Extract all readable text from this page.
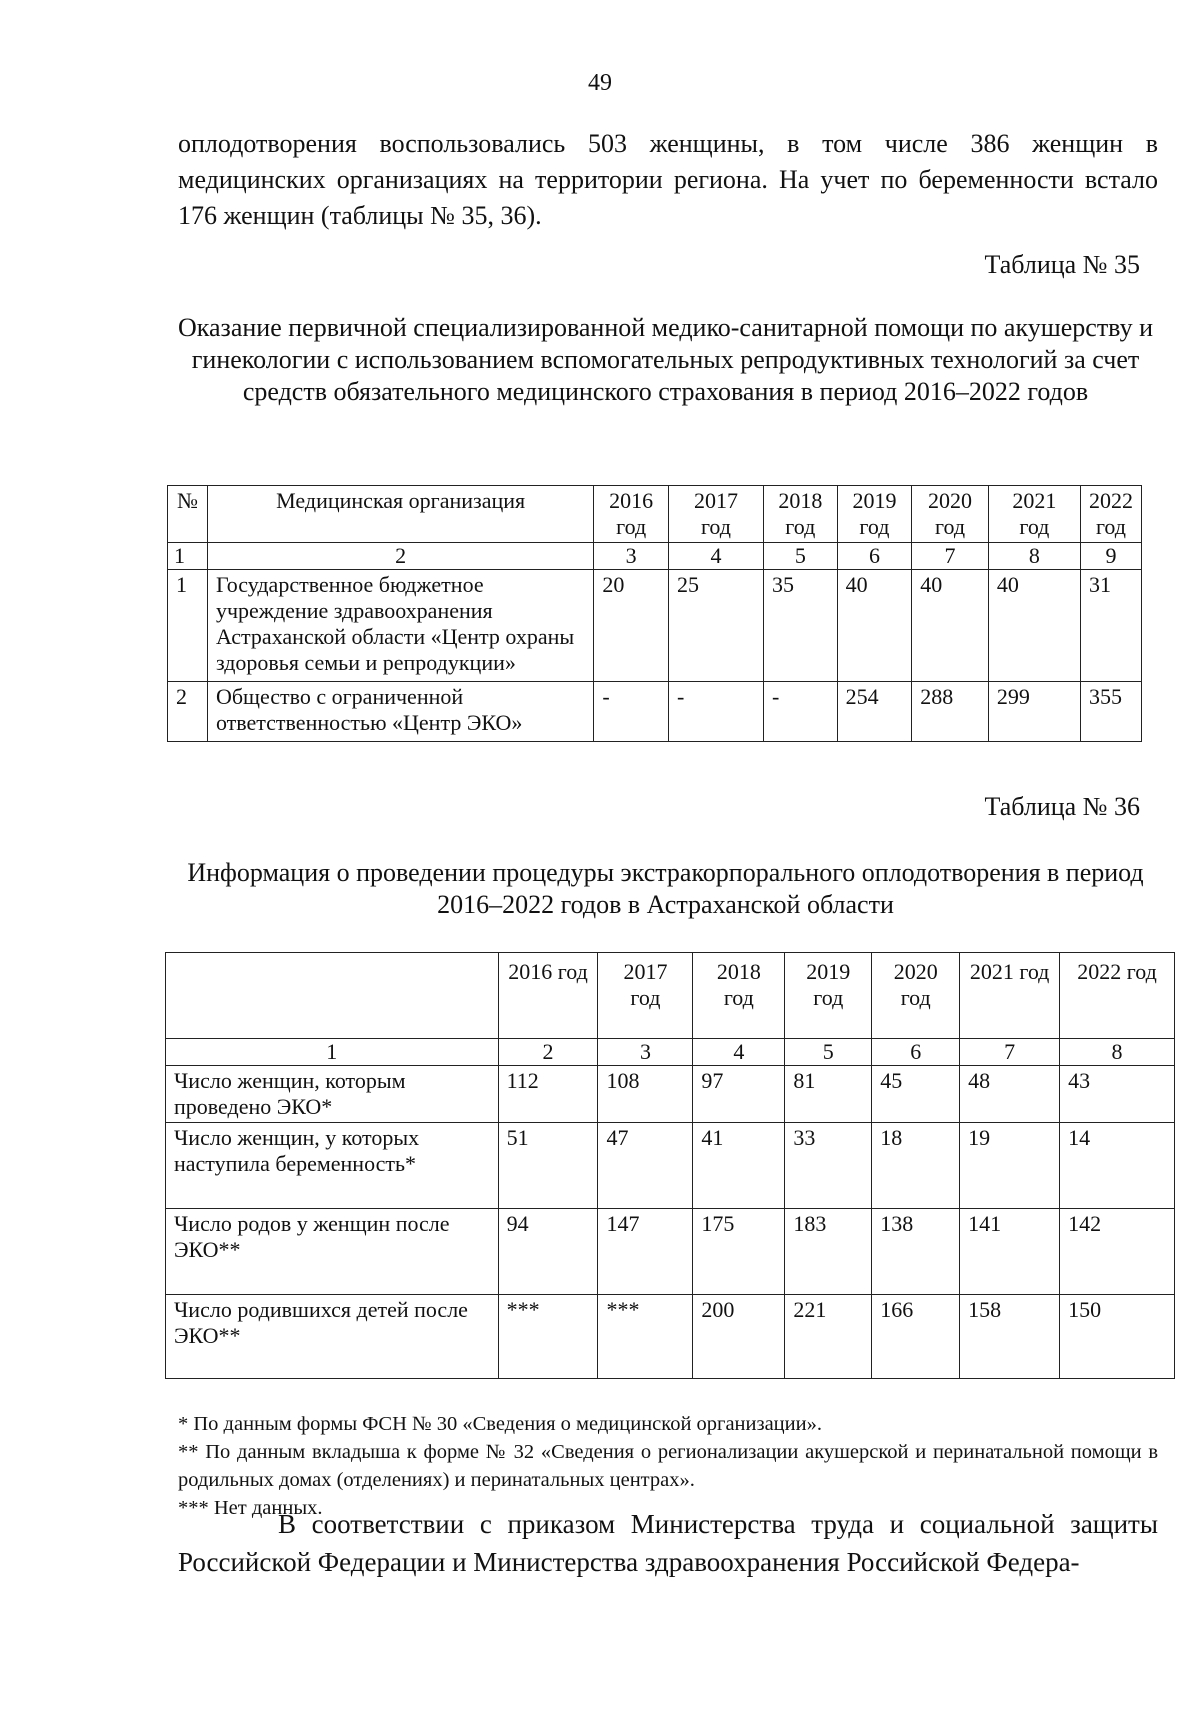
49
оплодотворения воспользовались 503 женщины, в том числе 386 женщин в медицинских организациях на территории региона. На учет по беременности встало 176 женщин (таблицы № 35, 36).
Таблица № 35
Оказание первичной специализированной медико-санитарной помощи по акушерству и гинекологии с использованием вспомогательных репродуктивных технологий за счет средств обязательного медицинского страхования в период 2016–2022 годов
№	Медицинская организация	2016 год	2017 год	2018 год	2019 год	2020 год	2021 год	2022 год
1	2	3	4	5	6	7	8	9
1	Государственное бюджетное учреждение здравоохранения Астраханской области «Центр охраны здоровья семьи и репродукции»	20	25	35	40	40	40	31
2	Общество с ограниченной ответственностью «Центр ЭКО»	-	-	-	254	288	299	355
Таблица № 36
Информация о проведении процедуры экстракорпорального оплодотворения в период 2016–2022 годов в Астраханской области
	2016 год	2017 год	2018 год	2019 год	2020 год	2021 год	2022 год
1	2	3	4	5	6	7	8
Число женщин, которым проведено ЭКО*	112	108	97	81	45	48	43
Число женщин, у которых наступила беременность*	51	47	41	33	18	19	14
Число родов у женщин после ЭКО**	94	147	175	183	138	141	142
Число родившихся детей после ЭКО**	***	***	200	221	166	158	150

* По данным формы ФСН № 30 «Сведения о медицинской организации».

** По данным вкладыша к форме № 32 «Сведения о регионализации акушерской и перинатальной помощи в родильных домах (отделениях) и перинатальных центрах».

*** Нет данных.

В соответствии с приказом Министерства труда и социальной защиты Российской Федерации и Министерства здравоохранения Российской Федера-
